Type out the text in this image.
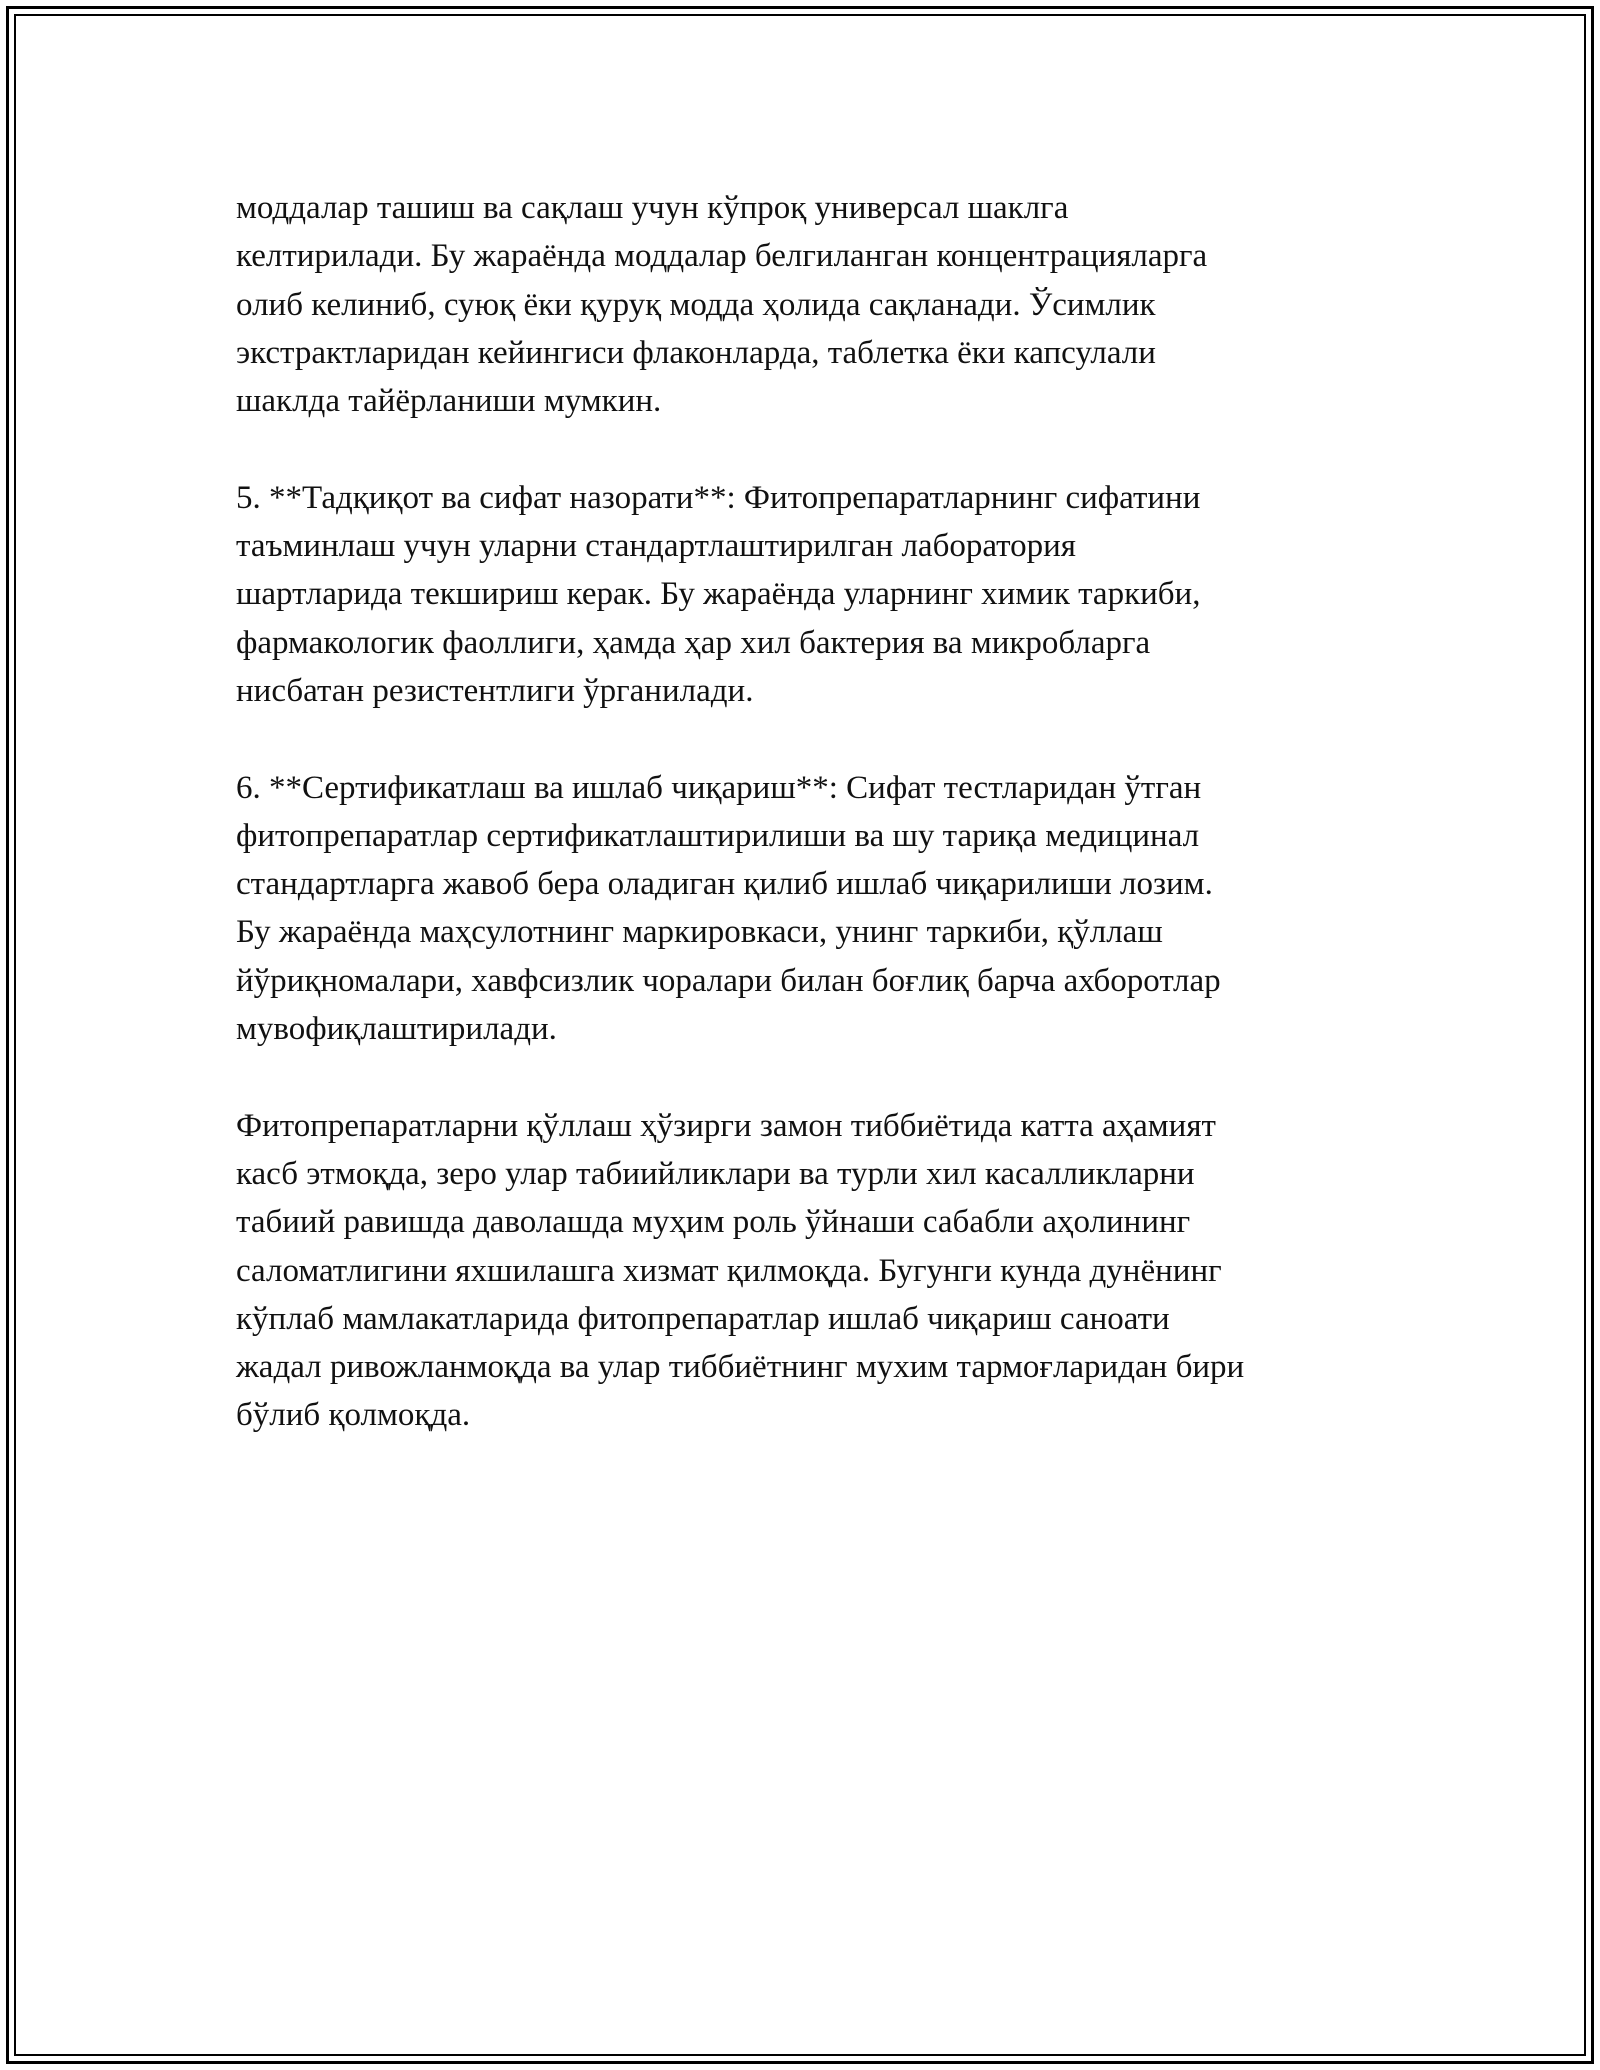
моддалар ташиш ва сақлаш учун кўпроқ универсал шаклга
келтирилади. Бу жараёнда моддалар белгиланган концентрацияларга
олиб келиниб, суюқ ёки қуруқ модда ҳолида сақланади. Ўсимлик
экстрактларидан кейингиси флаконларда, таблетка ёки капсулали
шаклда тайёрланиши мумкин.

5. **Тадқиқот ва сифат назорати**: Фитопрепаратларнинг сифатини
таъминлаш учун уларни стандартлаштирилган лаборатория
шартларида текшириш керак. Бу жараёнда уларнинг химик таркиби,
фармакологик фаоллиги, ҳамда ҳар хил бактерия ва микробларга
нисбатан резистентлиги ўрганилади.

6. **Сертификатлаш ва ишлаб чиқариш**: Сифат тестларидан ўтган
фитопрепаратлар сертификатлаштирилиши ва шу тариқа медицинал
стандартларга жавоб бера оладиган қилиб ишлаб чиқарилиши лозим.
Бу жараёнда маҳсулотнинг маркировкаси, унинг таркиби, қўллаш
йўриқномалари, хавфсизлик чоралари билан боғлиқ барча ахборотлар
мувофиқлаштирилади.

Фитопрепаратларни қўллаш ҳўзирги замон тиббиётида катта аҳамият
касб этмоқда, зеро улар табиийликлари ва турли хил касалликларни
табиий равишда даволашда муҳим роль ўйнаши сабабли аҳолининг
саломатлигини яхшилашга хизмат қилмоқда. Бугунги кунда дунёнинг
кўплаб мамлакатларида фитопрепаратлар ишлаб чиқариш саноати
жадал ривожланмоқда ва улар тиббиётнинг мухим тармоғларидан бири
бўлиб қолмоқда.
